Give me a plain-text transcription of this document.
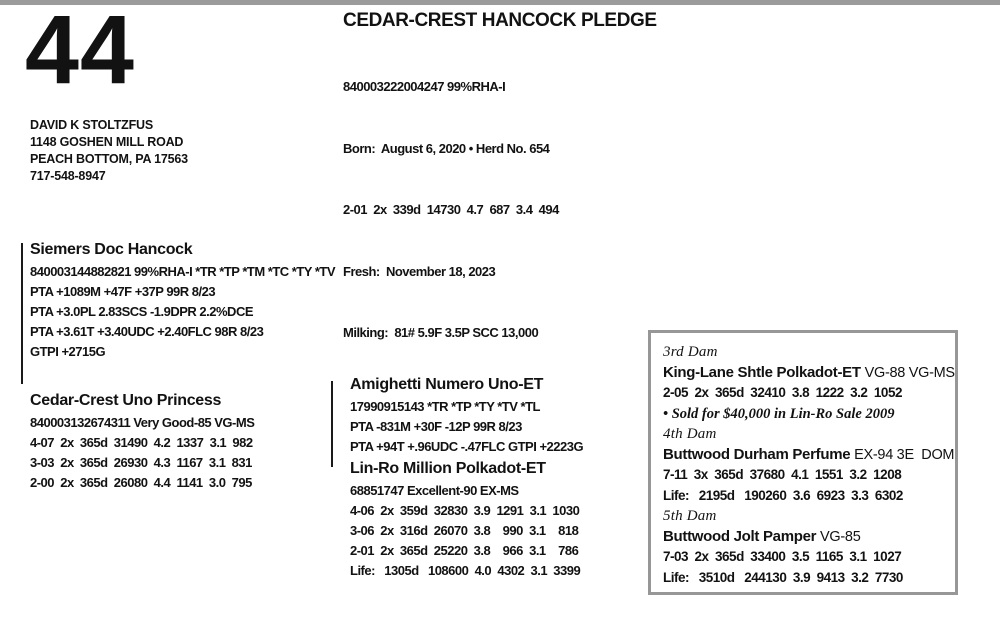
44
DAVID K STOLTZFUS
1148 GOSHEN MILL ROAD
PEACH BOTTOM, PA 17563
717-548-8947
CEDAR-CREST HANCOCK PLEDGE

840003222004247 99%RHA-I

Born:  August 6, 2020 • Herd No. 654

2-01  2x  339d  14730  4.7  687  3.4  494

Fresh:  November 18, 2023

Milking:  81# 5.9F 3.5P SCC 13,000

Siemers Doc Hancock
840003144882821 99%RHA-I *TR *TP *TM *TC *TY *TV
PTA +1089M +47F +37P 99R 8/23
PTA +3.0PL 2.83SCS -1.9DPR 2.2%DCE
PTA +3.61T +3.40UDC +2.40FLC 98R 8/23
GTPI +2715G
Cedar-Crest Uno Princess
840003132674311 Very Good-85 VG-MS
4-07  2x  365d  31490  4.2  1337  3.1  982
3-03  2x  365d  26930  4.3  1167  3.1  831
2-00  2x  365d  26080  4.4  1141  3.0  795
Amighetti Numero Uno-ET
17990915143 *TR *TP *TY *TV *TL
PTA -831M +30F -12P 99R 8/23
PTA +94T +.96UDC -.47FLC GTPI +2223G
Lin-Ro Million Polkadot-ET
68851747 Excellent-90 EX-MS
4-06  2x  359d  32830  3.9  1291  3.1  1030
3-06  2x  316d  26070  3.8    990  3.1    818
2-01  2x  365d  25220  3.8    966  3.1    786
Life:   1305d   108600  4.0  4302  3.1  3399
3rd Dam
King-Lane Shtle Polkadot-ET VG-88 VG-MS
2-05  2x  365d  32410  3.8  1222  3.2  1052
• Sold for $40,000 in Lin-Ro Sale 2009
4th Dam
Buttwood Durham Perfume EX-94 3E  DOM
7-11  3x  365d  37680  4.1  1551  3.2  1208
Life:   2195d   190260  3.6  6923  3.3  6302
5th Dam
Buttwood Jolt Pamper VG-85
7-03  2x  365d  33400  3.5  1165  3.1  1027
Life:   3510d   244130  3.9  9413  3.2  7730
